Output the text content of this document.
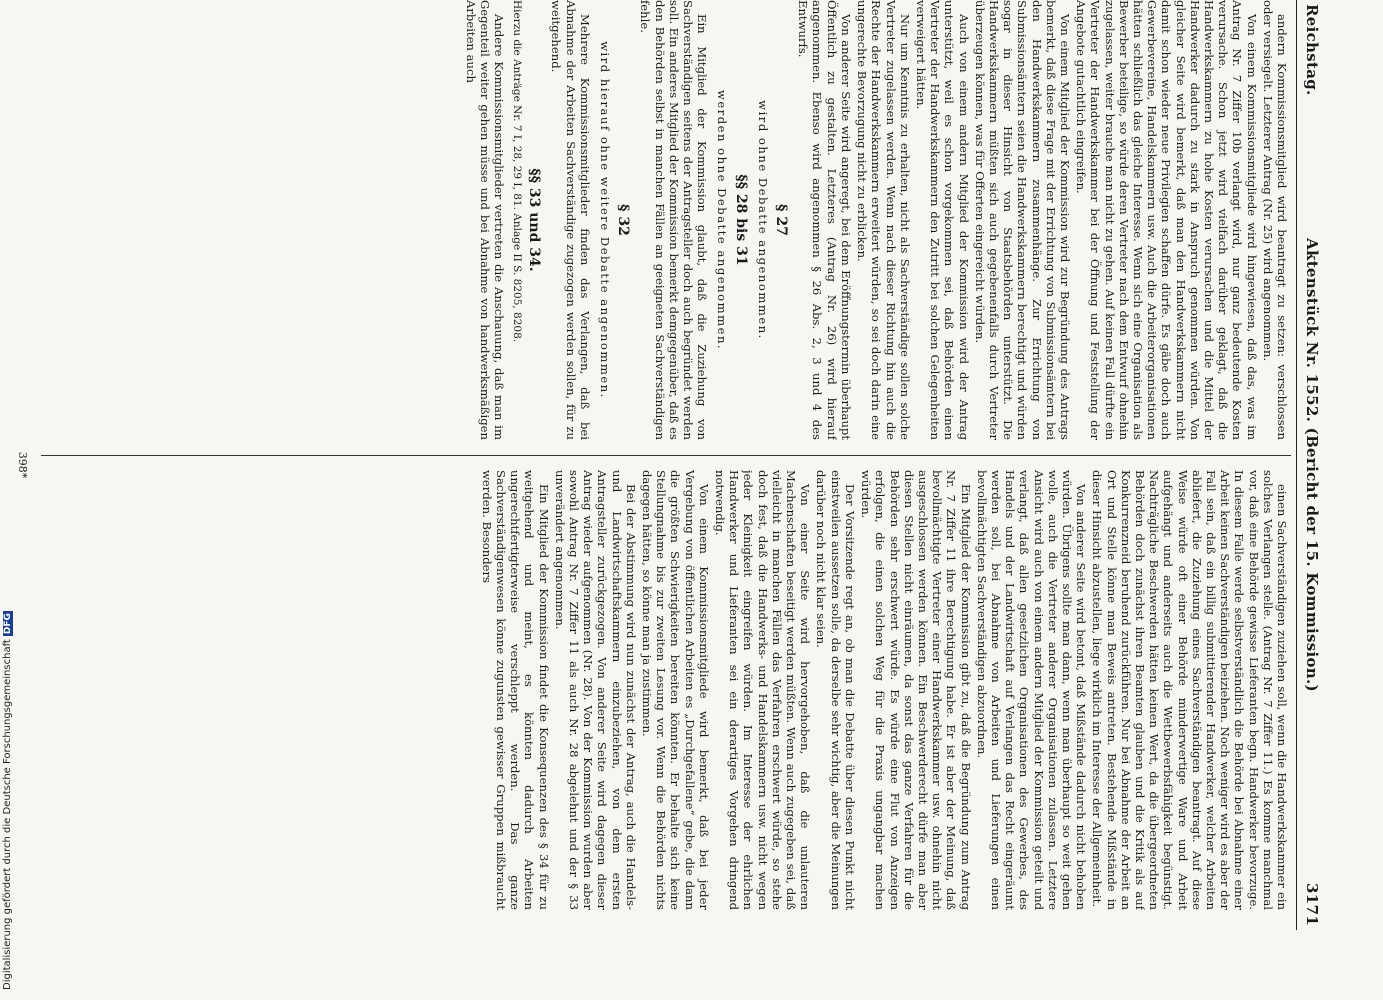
Reichstag.
Aktenstück Nr. 1552. (Bericht der 15. Kommission.)
3171
andern Kommissionsmitglied wird beantragt zu setzen: verschlossen oder versiegelt. Letzterer Antrag (Nr. 25) wird angenommen.
Von einem Kommissionsmitgliede wird hingewiesen, daß das, was im Antrag Nr. 7 Ziffer 10b verlangt wird, nur ganz bedeutende Kosten verursache. Schon jetzt wird vielfach darüber geklagt, daß die Handwerkskammern zu hohe Kosten verursachen und die Mittel der Handwerker dadurch zu stark in Anspruch genommen würden. Von gleicher Seite wird bemerkt, daß man den Handwerkskammern nicht damit schon wieder neue Privilegien schaffen dürfe. Es gäbe doch auch Gewerbevereine, Handelskammern usw. Auch die Arbeiterorganisationen hätten schließlich das gleiche Interesse. Wenn sich eine Organisation als Bewerber beteilige, so würde deren Vertreter nach dem Entwurf ohnehin zugelassen, weiter brauche man nicht zu gehen. Auf keinen Fall dürfte ein Vertreter der Handwerkskammer bei der Öffnung und Feststellung der Angebote gutachtlich eingreifen.
Von einem Mitglied der Kommission wird zur Begründung des Antrags bemerkt, daß diese Frage mit der Errichtung von Submissionsämtern bei den Handwerkskammern zusammenhänge. Zur Errichtung von Submissionsämtern seien die Handwerkskammern berechtigt und würden sogar in dieser Hinsicht von Staatsbehörden unterstützt. Die Handwerkskammern müßten sich auch gegebenenfalls durch Vertreter überzeugen können, was für Offerten eingereicht würden.
Auch von einem andern Mitglied der Kommission wird der Antrag unterstützt, weil es schon vorgekommen sei, daß Behörden einen Vertreter der Handwerkskammern den Zutritt bei solchen Gelegenheiten verweigert hätten.
Nur um Kenntnis zu erhalten, nicht als Sachverständige sollen solche Vertreter zugelassen werden. Wenn nach dieser Richtung hin auch die Rechte der Handwerkskammern erweitert würden, so sei doch darin eine ungerechte Bevorzugung nicht zu erblicken.
Von anderer Seite wird angeregt, bei dem Eröffnungstermin überhaupt Öffentlich zu gestalten. Letzteres (Antrag Nr. 26) wird hierauf angenommen. Ebenso wird angenommen § 26 Abs. 2, 3 und 4 des Entwurfs.
§ 27
wird ohne Debatte angenommen.
§§ 28 bis 31
werden ohne Debatte angenommen.
Ein Mitglied der Kommission glaubt, daß die Zuziehung von Sachverständigen seitens der Antragsteller doch auch begründet werden soll. Ein anderes Mitglied der Kommission bemerkt demgegenüber, daß es den Behörden selbst in manchen Fällen an geeigneten Sachverständigen fehle.
§ 32
wird hierauf ohne weitere Debatte angenommen.
Mehrere Kommissionsmitglieder finden das Verlangen, daß bei Abnahme der Arbeiten Sachverständige zugezogen werden sollen, für zu weitgehend.
§§ 33 und 34.
Hierzu die Anträge Nr. 7 I, 28, 29 I, 81. Anlage II S. 8205, 8208.
Andere Kommissionsmitglieder vertreten die Anschauung, daß man im Gegenteil weiter gehen müsse und bei Abnahme von handwerksmäßigen Arbeiten auch
einen Sachverständigen zuziehen soll, wenn die Handwerkskammer ein solches Verlangen stelle. (Antrag Nr. 7 Ziffer 11.) Es komme manchmal vor, daß eine Behörde gewisse Lieferanten begn. Handwerker bevorzuge. In diesem Falle werde selbstverständlich die Behörde bei Abnahme einer Arbeit keinen Sachverständigen beiziehen. Noch weniger wird es aber der Fall sein, daß ein billig submittierender Handwerker, welcher Arbeiten abliefert, die Zuziehung eines Sachverständigen beantragt. Auf diese Weise würde oft einer Behörde minderwertige Ware und Arbeit aufgehängt und anderseits auch die Wettbewerbsfähigkeit begünstigt. Nachträgliche Beschwerden hätten keinen Wert, da die übergeordneten Behörden doch zunächst ihren Beamten glauben und die Kritik als auf Konkurrenzneid beruhend zurückführen. Nur bei Abnahme der Arbeit an Ort und Stelle könne man Beweis antreten. Bestehende Mißstände in dieser Hinsicht abzustellen, liege wirklich im Interesse der Allgemeinheit.
Von anderer Seite wird betont, daß Mißstände dadurch nicht behoben würden. Übrigens sollte man dann, wenn man überhaupt so weit gehen wolle, auch die Vertreter anderer Organisationen zulassen. Letztere Ansicht wird auch von einem andern Mitglied der Kommission geteilt und verlangt, daß allen gesetzlichen Organisationen des Gewerbes, des Handels und der Landwirtschaft auf Verlangen das Recht eingeräumt werden soll, bei Abnahme von Arbeiten und Lieferungen einen bevollmächtigten Sachverständigen abzuordnen.
Ein Mitglied der Kommission gibt zu, daß die Begründung zum Antrag Nr. 7 Ziffer 11 ihre Berechtigung habe. Er ist aber der Meinung, daß bevollmächtigte Vertreter einer Handwerkskammer usw. ohnehin nicht ausgeschlossen werden können. Ein Beschwerderecht dürfe man aber diesen Stellen nicht einräumen, da sonst das ganze Verfahren für die Behörden sehr erschwert würde. Es würde eine Flut von Anzeigen erfolgen, die einen solchen Weg für die Praxis ungangbar machen würden.
Der Vorsitzende regt an, ob man die Debatte über diesen Punkt nicht einstweilen aussetzen solle, da derselbe sehr wichtig, aber die Meinungen darüber noch nicht klar seien.
Von einer Seite wird hervorgehoben, daß die unlauteren Machenschaften beseitigt werden müßten. Wenn auch zugegeben sei, daß vielleicht in manchen Fällen das Verfahren erschwert würde, so stehe doch fest, daß die Handwerks- und Handelskammern usw. nicht wegen jeder Kleinigkeit eingreifen würden. Im Interesse der ehrlichen Handwerker und Lieferanten sei ein derartiges Vorgehen dringend notwendig.
Von einem Kommissionsmitgliede wird bemerkt, daß bei jeder Vergebung von öffentlichen Arbeiten es „Durchgefallene“ gebe, die dann die größten Schwierigkeiten bereiten könnten. Er behalte sich keine Stellungnahme bis zur zweiten Lesung vor. Wenn die Behörden nichts dagegen hätten, so könne man ja zustimmen.
Bei der Abstimmung wird nun zunächst der Antrag, auch die Handels- und Landwirtschaftskammern einzubeziehen, von dem ersten Antragsteller zurückgezogen. Von anderer Seite wird dagegen dieser Antrag wieder aufgenommen (Nr. 28). Von der Kommission wurden aber sowohl Antrag Nr. 7 Ziffer 11 als auch Nr. 28 abgelehnt und der § 33 unverändert angenommen.
Ein Mitglied der Kommission findet die Konsequenzen des § 34 für zu weitgehend und meint, es könnten dadurch Arbeiten ungerechtfertigterweise verschleppt werden. Das ganze Sachverständigenwesen könne zugunsten gewisser Gruppen mißbraucht werden. Besonders
398*
Digitalisierung gefördert durch die Deutsche ForschungsgemeinschaftDFG
